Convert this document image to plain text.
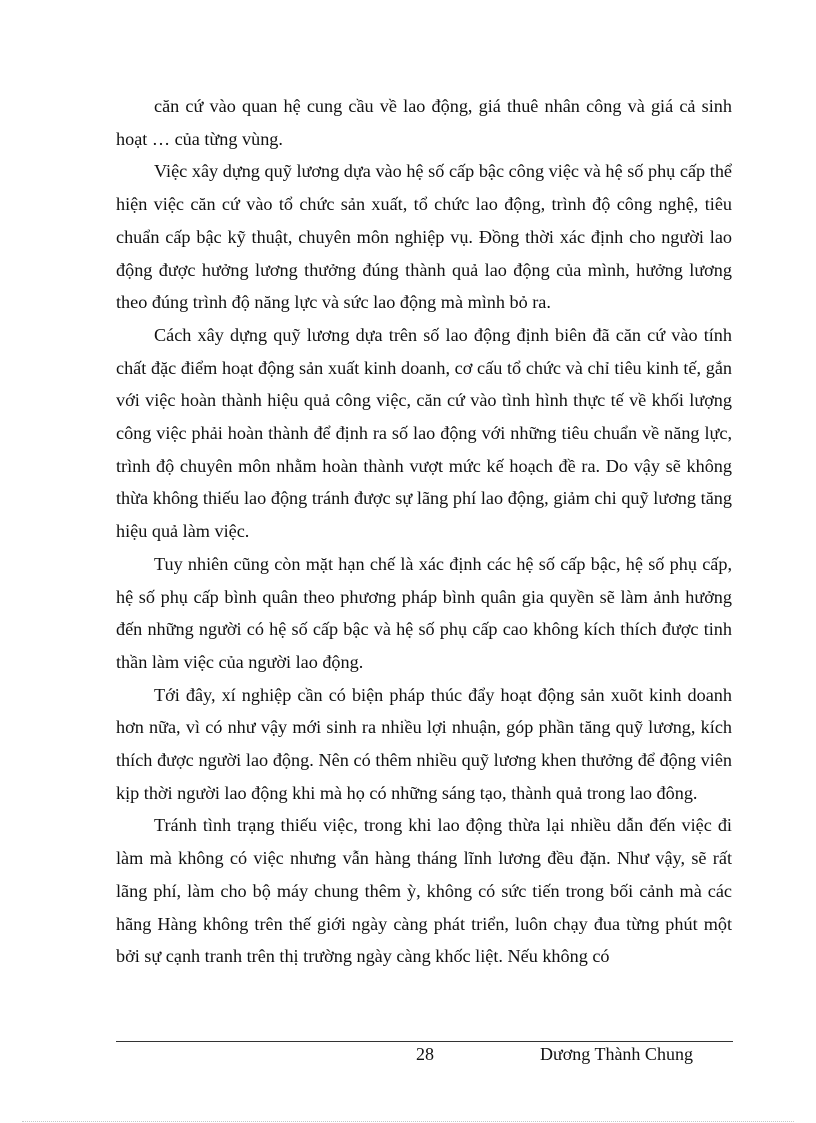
căn cứ vào quan hệ cung cầu về lao động, giá thuê nhân công và giá cả sinh hoạt … của từng vùng.

Việc xây dựng quỹ lương dựa vào hệ số cấp bậc công việc và hệ số phụ cấp thể hiện việc căn cứ vào tổ chức sản xuất, tổ chức lao động, trình độ công nghệ, tiêu chuẩn cấp bậc kỹ thuật, chuyên môn nghiệp vụ. Đồng thời xác định cho người lao động được hưởng lương thưởng đúng thành quả lao động của mình, hưởng lương theo đúng trình độ năng lực và sức lao động mà mình bỏ ra.

Cách xây dựng quỹ lương dựa trên số lao động định biên đã căn cứ vào tính chất đặc điểm hoạt động sản xuất kinh doanh, cơ cấu tổ chức và chỉ tiêu kinh tế, gắn với việc hoàn thành hiệu quả công việc, căn cứ vào tình hình thực tế về khối lượng công việc phải hoàn thành để định ra số lao động với những tiêu chuẩn về năng lực, trình độ chuyên môn nhằm hoàn thành vượt mức kế hoạch đề ra. Do vậy sẽ không thừa không thiếu lao động tránh được sự lãng phí lao động, giảm chi quỹ lương tăng hiệu quả làm việc.

Tuy nhiên cũng còn mặt hạn chế là xác định các hệ số cấp bậc, hệ số phụ cấp, hệ số phụ cấp bình quân theo phương pháp bình quân gia quyền sẽ làm ảnh hưởng đến những người có hệ số cấp bậc và hệ số phụ cấp cao không kích thích được tinh thần làm việc của người lao động.

Tới đây, xí nghiệp cần có biện pháp thúc đẩy hoạt động sản xuõt kinh doanh hơn nữa, vì có như vậy mới sinh ra nhiều lợi nhuận, góp phần tăng quỹ lương, kích thích được người lao động. Nên có thêm nhiều quỹ lương khen thưởng để động viên kịp thời người lao động khi mà họ có những sáng tạo, thành quả trong lao đông.

Tránh tình trạng thiếu việc, trong khi lao động thừa lại nhiều dẫn đến việc đi làm mà không có việc nhưng vẫn hàng tháng lĩnh lương đều đặn. Như vậy, sẽ rất lãng phí, làm cho bộ máy chung thêm ỳ, không có sức tiến trong bối cảnh mà các hãng Hàng không trên thế giới ngày càng phát triển, luôn chạy đua từng phút một bởi sự cạnh tranh trên thị trường ngày càng khốc liệt. Nếu không có

28	Dương Thành Chung
